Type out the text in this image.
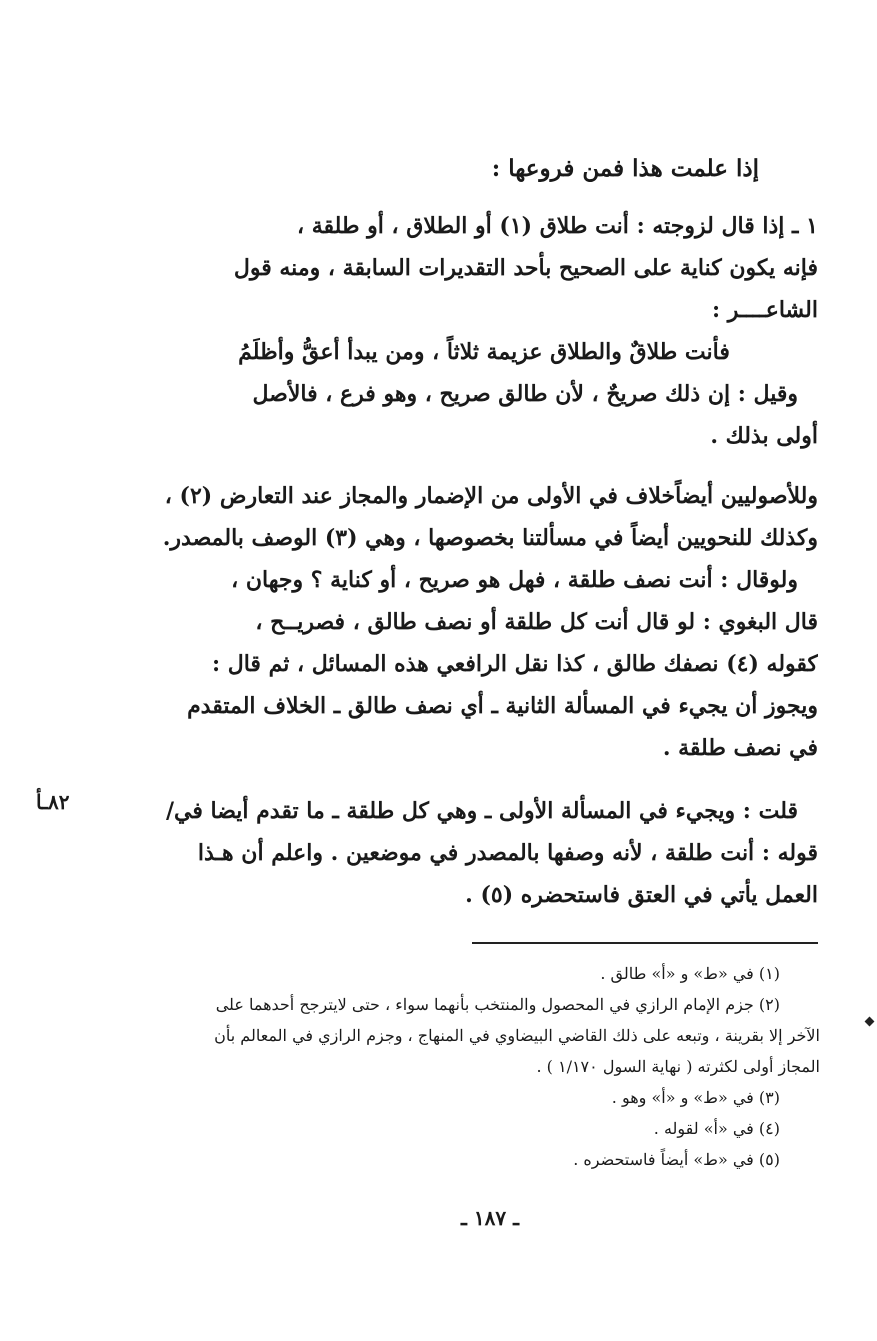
إذا علمت هذا فمن فروعها :
١ ـ إذا قال لزوجته : أنت طلاق (١) أو الطلاق ، أو طلقة ،
فإنه يكون كناية على الصحيح بأحد التقديرات السابقة ، ومنه قول
الشاعــــر :
فأنت طلاقٌ والطلاق عزيمة ثلاثاً ، ومن يبدأ أعقُّ وأظلَمُ
وقيل : إن ذلك صريحٌ ، لأن طالق صريح ، وهو فرع ، فالأصل
أولى بذلك .
وللأصوليين أيضاًخلاف في الأولى من الإضمار والمجاز عند التعارض (٢) ،
وكذلك للنحويين أيضاً في مسألتنا بخصوصها ، وهي (٣) الوصف بالمصدر.
ولوقال : أنت نصف طلقة ، فهل هو صريح ، أو كناية ؟ وجهان ،
قال البغوي : لو قال أنت كل طلقة أو نصف طالق ، فصريــح ،
كقوله (٤) نصفك طالق ، كذا نقل الرافعي هذه المسائل ، ثم قال :
ويجوز أن يجيء في المسألة الثانية ـ أي نصف طالق ـ الخلاف المتقدم
في نصف طلقة .
قلت : ويجيء في المسألة الأولى ـ وهي كل طلقة ـ ما تقدم أيضا في/
قوله : أنت طلقة ، لأنه وصفها بالمصدر في موضعين . واعلم أن هـذا
العمل يأتي في العتق فاستحضره (٥) .
٨٢ـأ
(١) في «ط» و «أ» طالق .
(٢) جزم الإمام الرازي في المحصول والمنتخب بأنهما سواء ، حتى لايترجح أحدهما على
الآخر إلا بقرينة ، وتبعه على ذلك القاضي البيضاوي في المنهاج ، وجزم الرازي في المعالم بأن
المجاز أولى لكثرته ( نهاية السول ١/١٧٠ ) .
(٣) في «ط» و «أ» وهو .
(٤) في «أ» لقوله .
(٥) في «ط» أيضاً فاستحضره .
ـ ١٨٧ ـ
